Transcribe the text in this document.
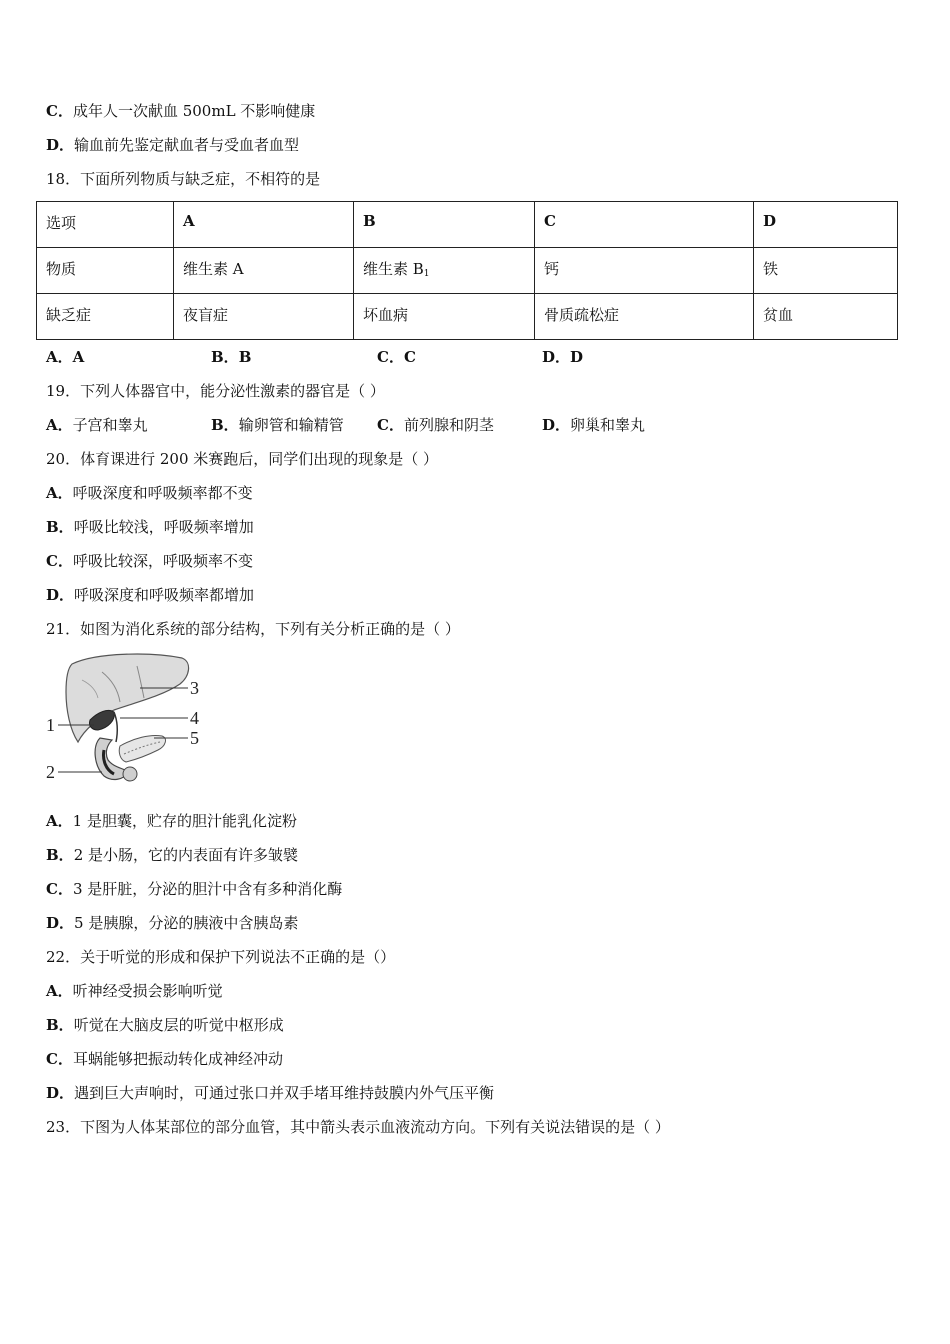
C．成年人一次献血 500mL 不影响健康
D．输血前先鉴定献血者与受血者血型
18．下面所列物质与缺乏症，不相符的是
选项	A	B	C	D
物质	维生素 A	维生素 $B_1$	钙	铁
缺乏症	夜盲症	坏血病	骨质疏松症	贫血
A．A	B．B	C．C	D．D
19．下列人体器官中，能分泌性激素的器官是（ ）
A．子宫和睾丸	B．输卵管和输精管 C．前列腺和阴茎	D．卵巢和睾丸
20．体育课进行 200 米赛跑后，同学们出现的现象是（ ）
A．呼吸深度和呼吸频率都不变
B．呼吸比较浅，呼吸频率增加
C．呼吸比较深，呼吸频率不变
D．呼吸深度和呼吸频率都增加
21．如图为消化系统的部分结构，下列有关分析正确的是（ ）
1
2
3
4
5
A．1 是胆囊，贮存的胆汁能乳化淀粉
B．2 是小肠，它的内表面有许多皱襞
C．3 是肝脏，分泌的胆汁中含有多种消化酶
D．5 是胰腺，分泌的胰液中含胰岛素
22．关于听觉的形成和保护下列说法不正确的是（）
A．听神经受损会影响听觉
B．听觉在大脑皮层的听觉中枢形成
C．耳蜗能够把振动转化成神经冲动
D．遇到巨大声响时，可通过张口并双手堵耳维持鼓膜内外气压平衡
23．下图为人体某部位的部分血管，其中箭头表示血液流动方向。下列有关说法错误的是（ ）
